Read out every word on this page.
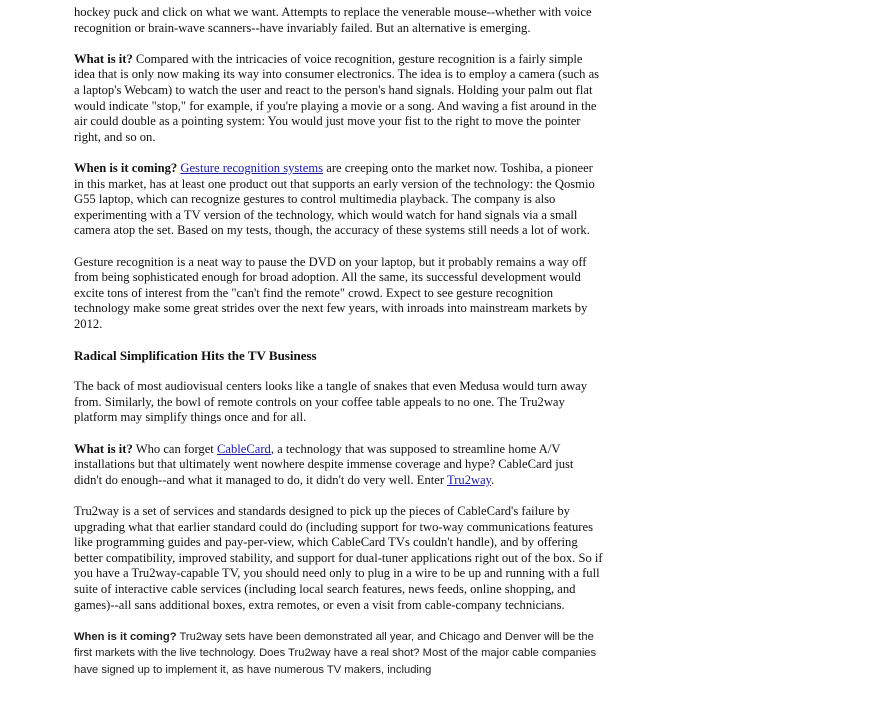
hockey puck and click on what we want. Attempts to replace the venerable mouse--whether with voice recognition or brain-wave scanners--have invariably failed. But an alternative is emerging.

What is it? Compared with the intricacies of voice recognition, gesture recognition is a fairly simple idea that is only now making its way into consumer electronics. The idea is to employ a camera (such as a laptop's Webcam) to watch the user and react to the person's hand signals. Holding your palm out flat would indicate "stop," for example, if you're playing a movie or a song. And waving a fist around in the air could double as a pointing system: You would just move your fist to the right to move the pointer right, and so on.

When is it coming? Gesture recognition systems are creeping onto the market now. Toshiba, a pioneer in this market, has at least one product out that supports an early version of the technology: the Qosmio G55 laptop, which can recognize gestures to control multimedia playback. The company is also experimenting with a TV version of the technology, which would watch for hand signals via a small camera atop the set. Based on my tests, though, the accuracy of these systems still needs a lot of work.

Gesture recognition is a neat way to pause the DVD on your laptop, but it probably remains a way off from being sophisticated enough for broad adoption. All the same, its successful development would excite tons of interest from the "can't find the remote" crowd. Expect to see gesture recognition technology make some great strides over the next few years, with inroads into mainstream markets by 2012.

Radical Simplification Hits the TV Business

The back of most audiovisual centers looks like a tangle of snakes that even Medusa would turn away from. Similarly, the bowl of remote controls on your coffee table appeals to no one. The Tru2way platform may simplify things once and for all.

What is it? Who can forget CableCard, a technology that was supposed to streamline home A/V installations but that ultimately went nowhere despite immense coverage and hype? CableCard just didn't do enough--and what it managed to do, it didn't do very well. Enter Tru2way.

Tru2way is a set of services and standards designed to pick up the pieces of CableCard's failure by upgrading what that earlier standard could do (including support for two-way communications features like programming guides and pay-per-view, which CableCard TVs couldn't handle), and by offering better compatibility, improved stability, and support for dual-tuner applications right out of the box. So if you have a Tru2way-capable TV, you should need only to plug in a wire to be up and running with a full suite of interactive cable services (including local search features, news feeds, online shopping, and games)--all sans additional boxes, extra remotes, or even a visit from cable-company technicians.

When is it coming? Tru2way sets have been demonstrated all year, and Chicago and Denver will be the first markets with the live technology. Does Tru2way have a real shot? Most of the major cable companies have signed up to implement it, as have numerous TV makers, including
